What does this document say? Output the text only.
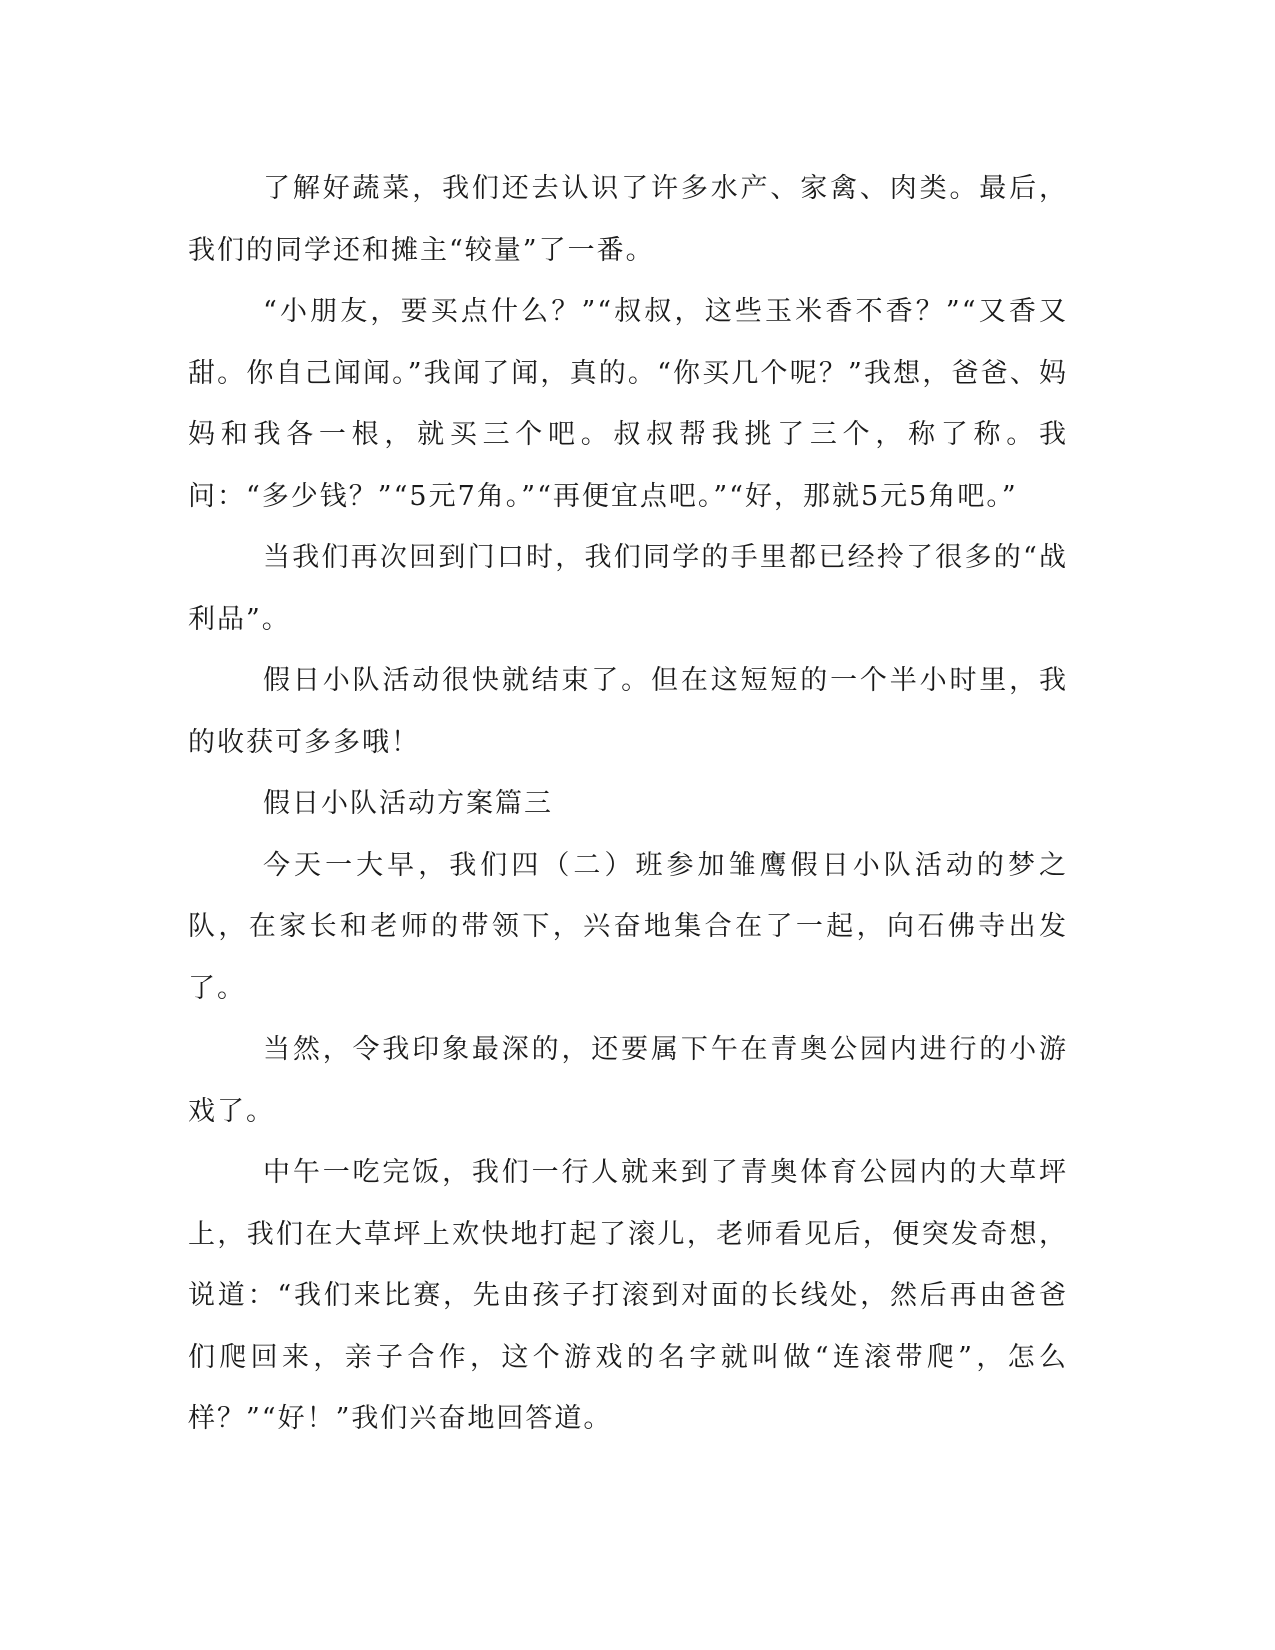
了解好蔬菜，我们还去认识了许多水产、家禽、肉类。最后，我们的同学还和摊主“较量”了一番。

“小朋友，要买点什么？”“叔叔，这些玉米香不香？”“又香又甜。你自己闻闻。”我闻了闻，真的。“你买几个呢？”我想，爸爸、妈妈和我各一根，就买三个吧。叔叔帮我挑了三个，称了称。我问：“多少钱？”“5元7角。”“再便宜点吧。”“好，那就5元5角吧。”

当我们再次回到门口时，我们同学的手里都已经拎了很多的“战利品”。

假日小队活动很快就结束了。但在这短短的一个半小时里，我的收获可多多哦！

假日小队活动方案篇三

今天一大早，我们四（二）班参加雏鹰假日小队活动的梦之队，在家长和老师的带领下，兴奋地集合在了一起，向石佛寺出发了。

当然，令我印象最深的，还要属下午在青奥公园内进行的小游戏了。

中午一吃完饭，我们一行人就来到了青奥体育公园内的大草坪上，我们在大草坪上欢快地打起了滚儿，老师看见后，便突发奇想，说道：“我们来比赛，先由孩子打滚到对面的长线处，然后再由爸爸们爬回来，亲子合作，这个游戏的名字就叫做“连滚带爬”，怎么样？”“好！”我们兴奋地回答道。
